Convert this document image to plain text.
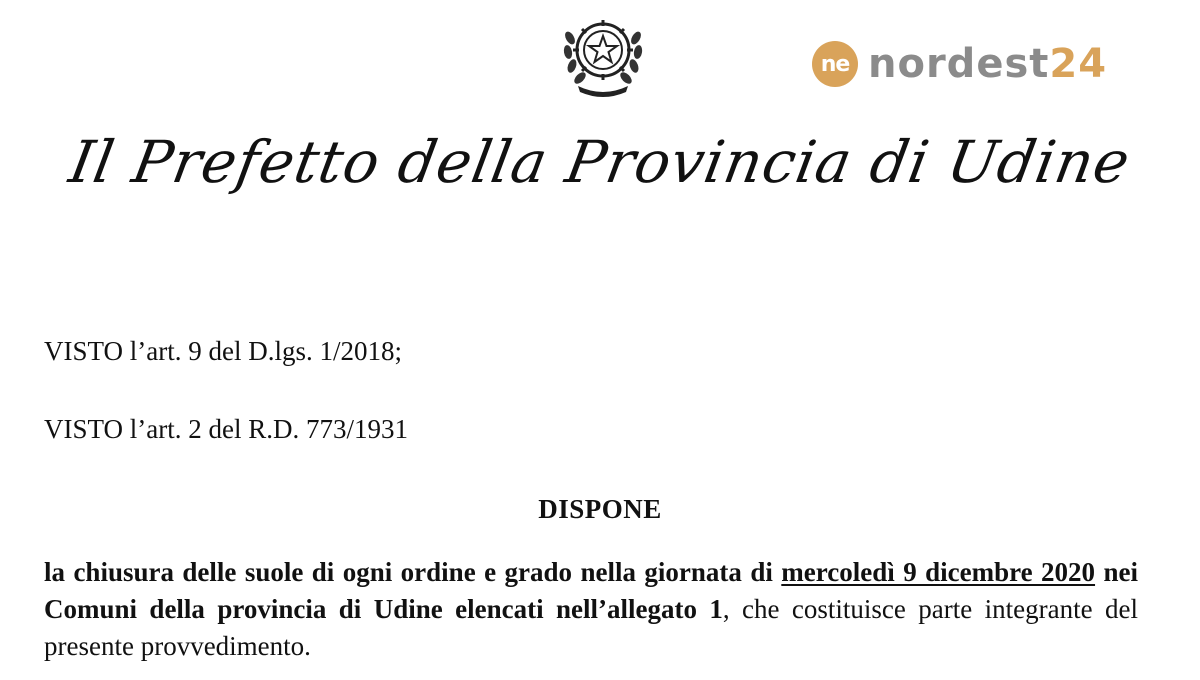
ne nordest24
Il Prefetto della Provincia di Udine
VISTO l’art. 9 del D.lgs. 1/2018;
VISTO l’art. 2 del R.D. 773/1931
DISPONE
la chiusura delle suole di ogni ordine e grado nella giornata di mercoledì 9 dicembre 2020 nei Comuni della provincia di Udine elencati nell’allegato 1, che costituisce parte integrante del presente provvedimento.
